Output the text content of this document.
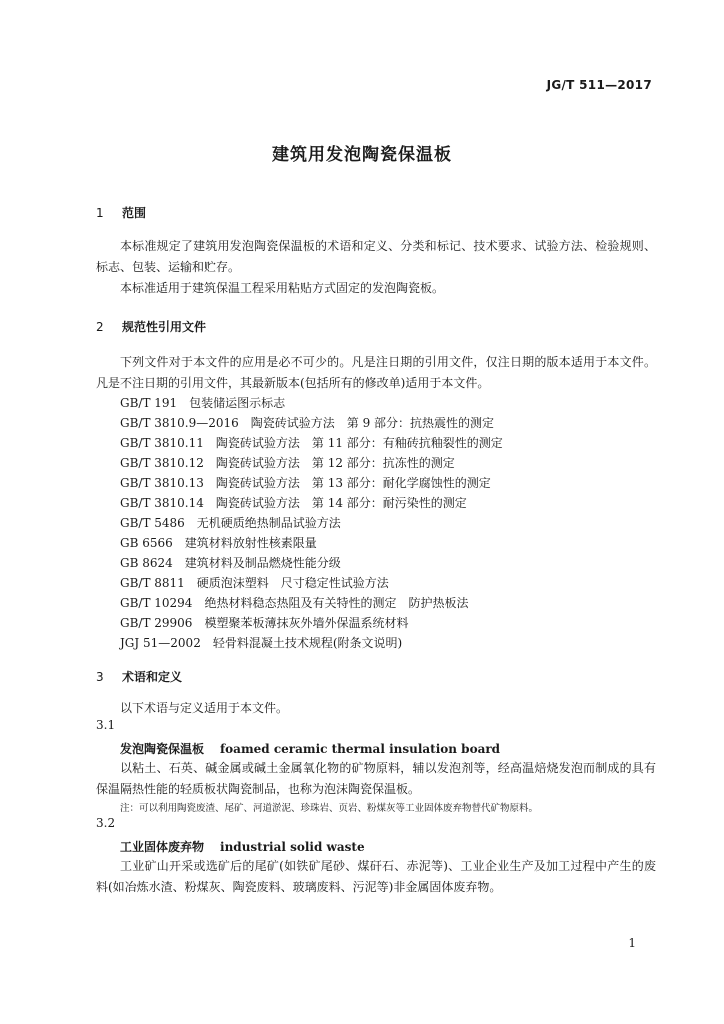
JG/T 511—2017
建筑用发泡陶瓷保温板
1 范围
本标准规定了建筑用发泡陶瓷保温板的术语和定义、分类和标记、技术要求、试验方法、检验规则、标志、包装、运输和贮存。
本标准适用于建筑保温工程采用粘贴方式固定的发泡陶瓷板。
2 规范性引用文件
下列文件对于本文件的应用是必不可少的。凡是注日期的引用文件，仅注日期的版本适用于本文件。凡是不注日期的引用文件，其最新版本(包括所有的修改单)适用于本文件。
GB/T 191　包装储运图示标志
GB/T 3810.9—2016　陶瓷砖试验方法　第 9 部分：抗热震性的测定
GB/T 3810.11　陶瓷砖试验方法　第 11 部分：有釉砖抗釉裂性的测定
GB/T 3810.12　陶瓷砖试验方法　第 12 部分：抗冻性的测定
GB/T 3810.13　陶瓷砖试验方法　第 13 部分：耐化学腐蚀性的测定
GB/T 3810.14　陶瓷砖试验方法　第 14 部分：耐污染性的测定
GB/T 5486　无机硬质绝热制品试验方法
GB 6566　建筑材料放射性核素限量
GB 8624　建筑材料及制品燃烧性能分级
GB/T 8811　硬质泡沫塑料　尺寸稳定性试验方法
GB/T 10294　绝热材料稳态热阻及有关特性的测定　防护热板法
GB/T 29906　模塑聚苯板薄抹灰外墙外保温系统材料
JGJ 51—2002　轻骨料混凝土技术规程(附条文说明)
3 术语和定义
以下术语与定义适用于本文件。
3.1
发泡陶瓷保温板 foamed ceramic thermal insulation board
以粘土、石英、碱金属或碱土金属氧化物的矿物原料，辅以发泡剂等，经高温焙烧发泡而制成的具有保温隔热性能的轻质板状陶瓷制品，也称为泡沫陶瓷保温板。
注：可以利用陶瓷废渣、尾矿、河道淤泥、珍珠岩、页岩、粉煤灰等工业固体废弃物替代矿物原料。
3.2
工业固体废弃物 industrial solid waste
工业矿山开采或选矿后的尾矿(如铁矿尾砂、煤矸石、赤泥等)、工业企业生产及加工过程中产生的废料(如冶炼水渣、粉煤灰、陶瓷废料、玻璃废料、污泥等)非金属固体废弃物。
1
